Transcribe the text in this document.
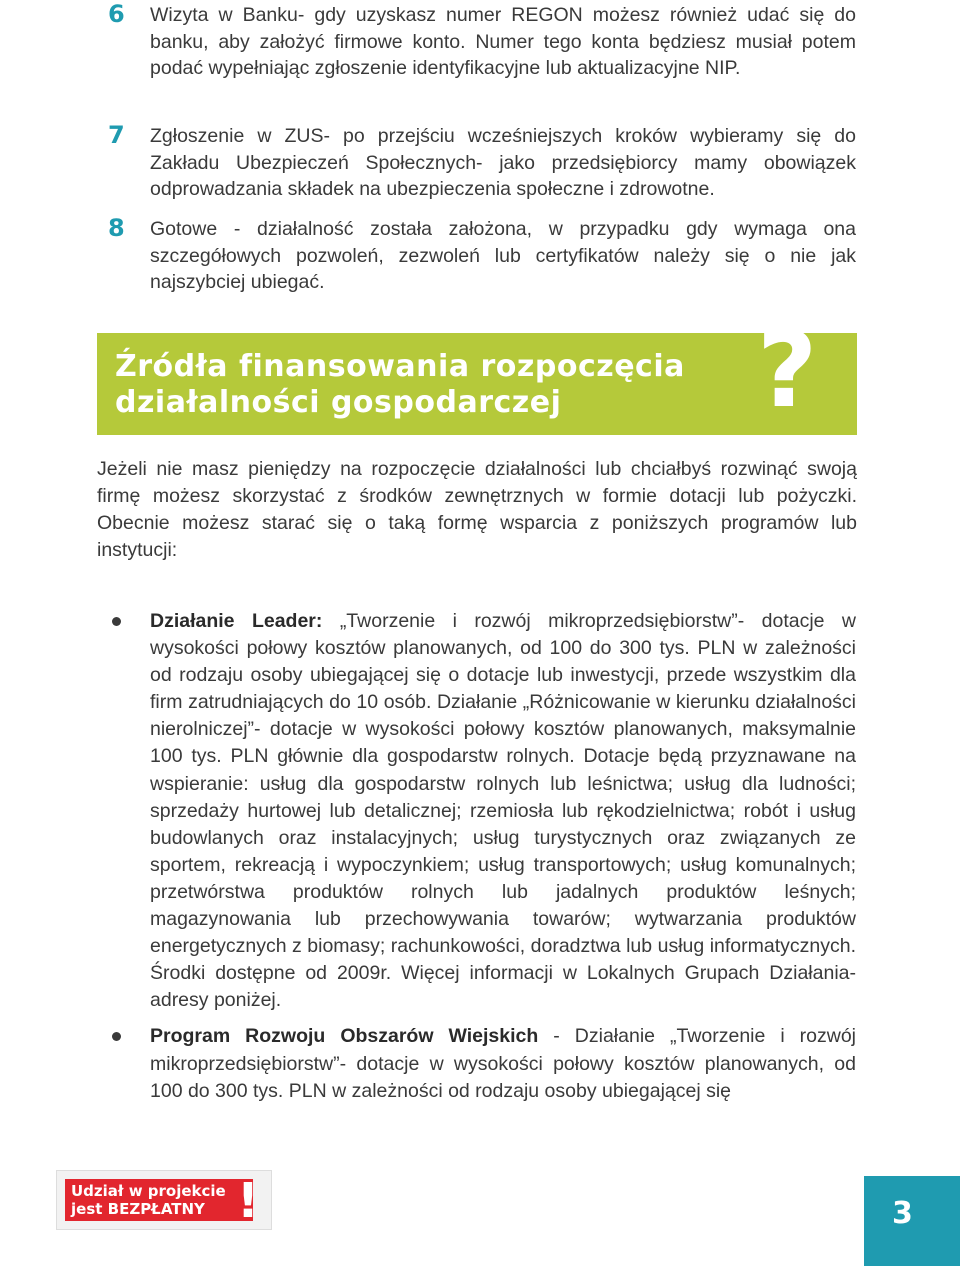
6 Wizyta w Banku- gdy uzyskasz numer REGON możesz również udać się do banku, aby założyć firmowe konto. Numer tego konta będziesz musiał potem podać wypełniając zgłoszenie identyfikacyjne lub aktualizacyjne NIP.
7 Zgłoszenie w ZUS- po przejściu wcześniejszych kroków wybieramy się do Zakładu Ubezpieczeń Społecznych- jako przedsiębiorcy mamy obowiązek odprowadzania składek na ubezpieczenia społeczne i zdrowotne.
8 Gotowe - działalność została założona, w przypadku gdy wymaga ona szczegółowych pozwoleń, zezwoleń lub certyfikatów należy się o nie jak najszybciej ubiegać.
Źródła finansowania rozpoczęcia
działalności gospodarczej	?

Jeżeli nie masz pieniędzy na rozpoczęcie działalności lub chciałbyś rozwinąć swoją firmę możesz skorzystać z środków zewnętrznych w formie dotacji lub pożyczki. Obecnie możesz starać się o taką formę wsparcia z poniższych programów lub instytucji:

Działanie Leader: „Tworzenie i rozwój mikroprzedsiębiorstw”- dotacje w wysokości połowy kosztów planowanych, od 100 do 300 tys. PLN w zależności od rodzaju osoby ubiegającej się o dotacje lub inwestycji, przede wszystkim dla firm zatrudniających do 10 osób. Działanie „Różnicowanie w kierunku działalności nierolniczej”- dotacje w wysokości połowy kosztów planowanych, maksymalnie 100 tys. PLN głównie dla gospodarstw rolnych. Dotacje będą przyznawane na wspieranie: usług dla gospodarstw rolnych lub leśnictwa; usług dla ludności; sprzedaży hurtowej lub detalicznej; rzemiosła lub rękodzielnictwa; robót i usług budowlanych oraz instalacyjnych; usług turystycznych oraz związanych ze sportem, rekreacją i wypoczynkiem; usług transportowych; usług komunalnych; przetwórstwa produktów rolnych lub jadalnych produktów leśnych; magazynowania lub przechowywania towarów; wytwarzania produktów energetycznych z biomasy; rachunkowości, doradztwa lub usług informatycznych. Środki dostępne od 2009r. Więcej informacji w Lokalnych Grupach Działania- adresy poniżej.
Program Rozwoju Obszarów Wiejskich - Działanie „Tworzenie i rozwój mikroprzedsiębiorstw”- dotacje w wysokości połowy kosztów planowanych, od 100 do 300 tys. PLN w zależności od rodzaju osoby ubiegającej się
Udział w projekcie
jest BEZPŁATNY !	3
